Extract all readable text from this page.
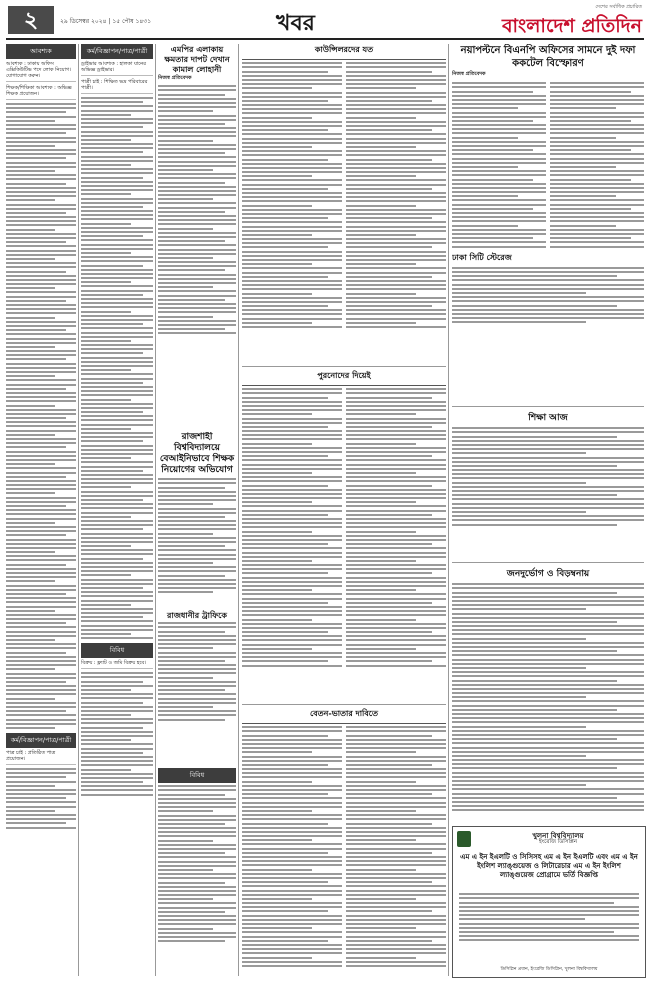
২	২৯ ডিসেম্বর ২০২৪ | ১৫ পৌষ ১৪৩১	খবর
দেশের সর্বাধিক প্রচারিত
বাংলাদেশ প্রতিদিন
আবশ্যক
আবশ্যক : ঢাকায় অফিস এক্সিকিউটিভ পদে লোক নিয়োগ। যোগাযোগ করুন।
শিক্ষক/শিক্ষিকা আবশ্যক : অভিজ্ঞ শিক্ষক প্রয়োজন।
কর্ম/বিজ্ঞাপন/পাত্র/পাত্রী
পাত্র চাই : প্রতিষ্ঠিত পাত্র প্রয়োজন।
কর্ম/বিজ্ঞাপন/পাত্র/পাত্রী
ড্রাইভার আবশ্যক : হালকা যানের অভিজ্ঞ ড্রাইভার।
পাত্রী চাই : শিক্ষিত ভদ্র পরিবারের পাত্রী।
বিবিধ
বিক্রয় : ফ্ল্যাট ও জমি বিক্রয় হবে।
এমপির এলাকায় ক্ষমতার দাপট দেখান কামাল লোহানী
নিজস্ব প্রতিবেদক
রাজশাহী বিশ্ববিদ্যালয়ে বেআইনিভাবে শিক্ষক নিয়োগের অভিযোগ
রাজধানীর ট্রাফিকে
বিবিধ
কাউন্সিলরদের যত
পুরনোদের দিয়েই
বেতন-ভাতার দাবিতে
নয়াপল্টনে বিএনপি অফিসের সামনে দুই দফা ককটেল বিস্ফোরণ
নিজস্ব প্রতিবেদক
ঢাকা সিটি স্টেরেজ
শিক্ষা আজ
জনদুর্ভোগ ও বিড়ম্বনায়
খুলনা বিশ্ববিদ্যালয়
ইংরেজি ডিসিপ্লিন
এম এ ইন ইএলটি ও সিসিসহ এম এ ইন ইএলটি এবং এম এ ইন ইংলিশ ল্যাঙ্গুয়েজ ও লিটারেচার এম এ ইন ইংলিশ ল্যাঙ্গুয়েজ প্রোগ্রামে ভর্তি বিজ্ঞপ্তি
ডিসিপ্লিন প্রধান, ইংরেজি ডিসিপ্লিন, খুলনা বিশ্ববিদ্যালয়
